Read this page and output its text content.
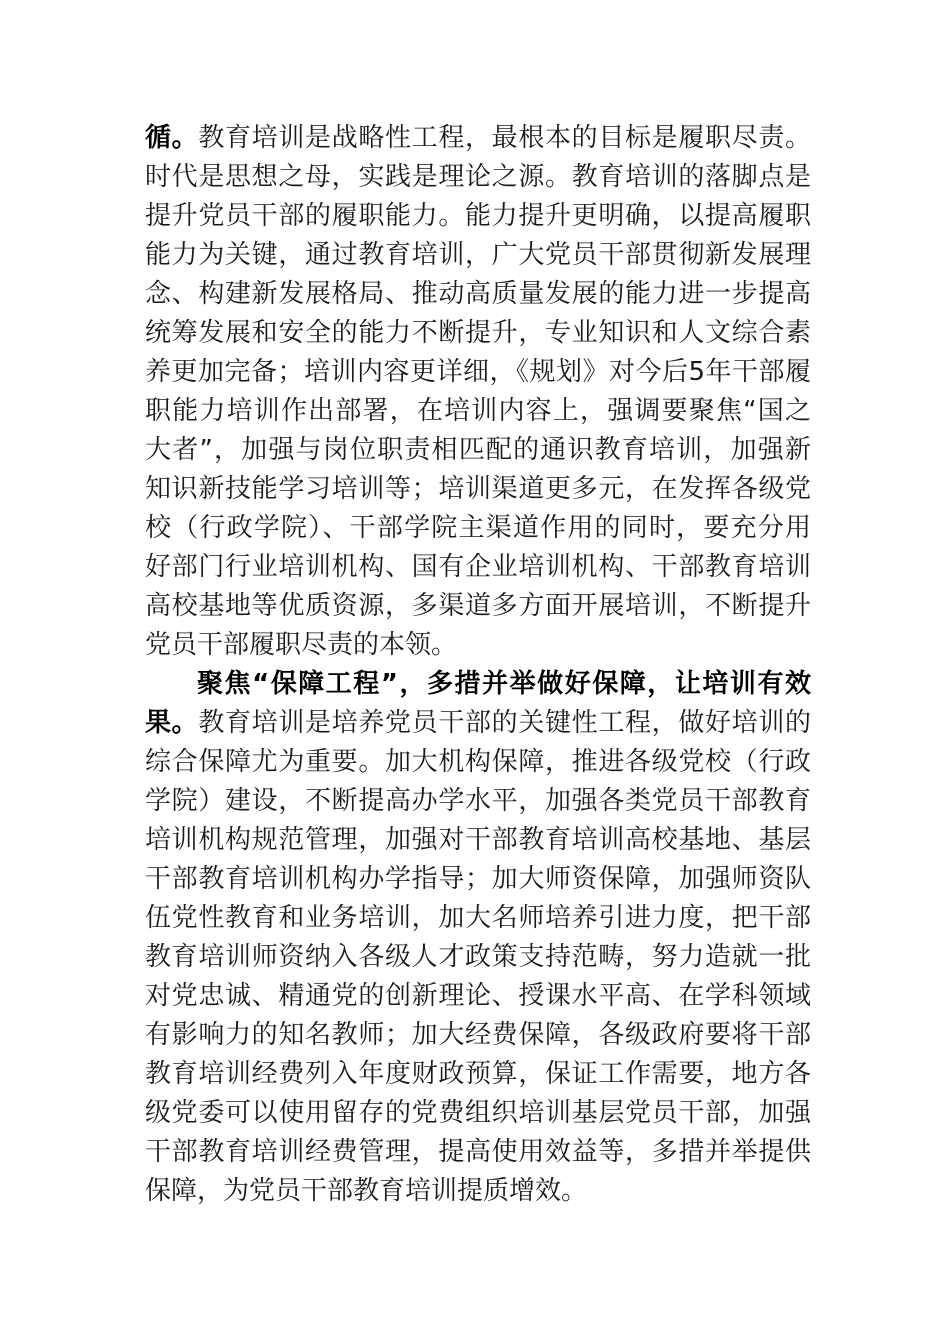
循。教育培训是战略性工程，最根本的目标是履职尽责。
时代是思想之母，实践是理论之源。教育培训的落脚点是
提升党员干部的履职能力。能力提升更明确，以提高履职
能力为关键，通过教育培训，广大党员干部贯彻新发展理
念、构建新发展格局、推动高质量发展的能力进一步提高
统筹发展和安全的能力不断提升，专业知识和人文综合素
养更加完备；培训内容更详细，《规划》对今后5年干部履
职能力培训作出部署，在培训内容上，强调要聚焦“国之
大者”，加强与岗位职责相匹配的通识教育培训，加强新
知识新技能学习培训等；培训渠道更多元，在发挥各级党
校（行政学院）、干部学院主渠道作用的同时，要充分用
好部门行业培训机构、国有企业培训机构、干部教育培训
高校基地等优质资源，多渠道多方面开展培训，不断提升
党员干部履职尽责的本领。
聚焦“保障工程”，多措并举做好保障，让培训有效
果。教育培训是培养党员干部的关键性工程，做好培训的
综合保障尤为重要。加大机构保障，推进各级党校（行政
学院）建设，不断提高办学水平，加强各类党员干部教育
培训机构规范管理，加强对干部教育培训高校基地、基层
干部教育培训机构办学指导；加大师资保障，加强师资队
伍党性教育和业务培训，加大名师培养引进力度，把干部
教育培训师资纳入各级人才政策支持范畴，努力造就一批
对党忠诚、精通党的创新理论、授课水平高、在学科领域
有影响力的知名教师；加大经费保障，各级政府要将干部
教育培训经费列入年度财政预算，保证工作需要，地方各
级党委可以使用留存的党费组织培训基层党员干部，加强
干部教育培训经费管理，提高使用效益等，多措并举提供
保障，为党员干部教育培训提质增效。
